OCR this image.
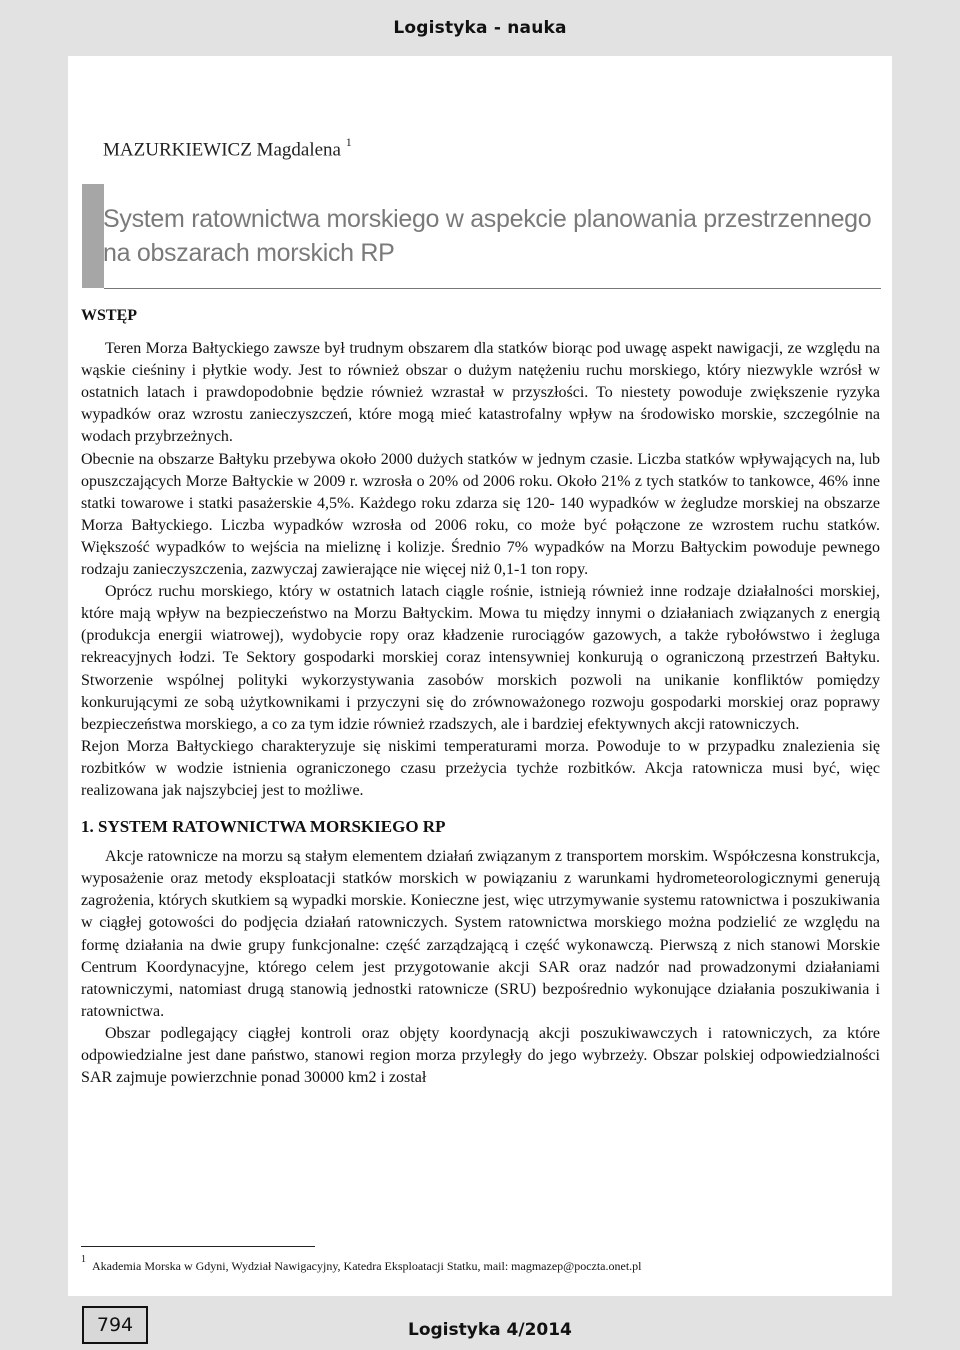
Logistyka - nauka
MAZURKIEWICZ Magdalena $^1$
System ratownictwa morskiego w aspekcie planowania przestrzennego
na obszarach morskich RP

WSTĘP

Teren Morza Bałtyckiego zawsze był trudnym obszarem dla statków biorąc pod uwagę aspekt nawigacji, ze względu na wąskie cieśniny i płytkie wody. Jest to również obszar o dużym natężeniu ruchu morskiego, który niezwykle wzrósł w ostatnich latach i prawdopodobnie będzie również wzrastał w przyszłości. To niestety powoduje zwiększenie ryzyka wypadków oraz wzrostu zanieczyszczeń, które mogą mieć katastrofalny wpływ na środowisko morskie, szczególnie na wodach przybrzeżnych.

Obecnie na obszarze Bałtyku przebywa około 2000 dużych statków w jednym czasie. Liczba statków wpływających na, lub opuszczających Morze Bałtyckie w 2009 r. wzrosła o 20% od 2006 roku. Około 21% z tych statków to tankowce, 46% inne statki towarowe i statki pasażerskie 4,5%. Każdego roku zdarza się 120- 140 wypadków w żegludze morskiej na obszarze Morza Bałtyckiego. Liczba wypadków wzrosła od 2006 roku, co może być połączone ze wzrostem ruchu statków. Większość wypadków to wejścia na mieliznę i kolizje. Średnio 7% wypadków na Morzu Bałtyckim powoduje pewnego rodzaju zanieczyszczenia, zazwyczaj zawierające nie więcej niż 0,1-1 ton ropy.

Oprócz ruchu morskiego, który w ostatnich latach ciągle rośnie, istnieją również inne rodzaje działalności morskiej, które mają wpływ na bezpieczeństwo na Morzu Bałtyckim. Mowa tu między innymi o działaniach związanych z energią (produkcja energii wiatrowej), wydobycie ropy oraz kładzenie rurociągów gazowych, a także rybołówstwo i żegluga rekreacyjnych łodzi. Te Sektory gospodarki morskiej coraz intensywniej konkurują o ograniczoną przestrzeń Bałtyku. Stworzenie wspólnej polityki wykorzystywania zasobów morskich pozwoli na unikanie konfliktów pomiędzy konkurującymi ze sobą użytkownikami i przyczyni się do zrównoważonego rozwoju gospodarki morskiej oraz poprawy bezpieczeństwa morskiego, a co za tym idzie również rzadszych, ale i bardziej efektywnych akcji ratowniczych.

Rejon Morza Bałtyckiego charakteryzuje się niskimi temperaturami morza. Powoduje to w przypadku znalezienia się rozbitków w wodzie istnienia ograniczonego czasu przeżycia tychże rozbitków. Akcja ratownicza musi być, więc realizowana jak najszybciej jest to możliwe.

1. SYSTEM RATOWNICTWA MORSKIEGO RP

Akcje ratownicze na morzu są stałym elementem działań związanym z transportem morskim. Współczesna konstrukcja, wyposażenie oraz metody eksploatacji statków morskich w powiązaniu z warunkami hydrometeorologicznymi generują zagrożenia, których skutkiem są wypadki morskie. Konieczne jest, więc utrzymywanie systemu ratownictwa i poszukiwania w ciągłej gotowości do podjęcia działań ratowniczych. System ratownictwa morskiego można podzielić ze względu na formę działania na dwie grupy funkcjonalne: część zarządzającą i część wykonawczą. Pierwszą z nich stanowi Morskie Centrum Koordynacyjne, którego celem jest przygotowanie akcji SAR oraz nadzór nad prowadzonymi działaniami ratowniczymi, natomiast drugą stanowią jednostki ratownicze (SRU) bezpośrednio wykonujące działania poszukiwania i ratownictwa.

Obszar podlegający ciągłej kontroli oraz objęty koordynacją akcji poszukiwawczych i ratowniczych, za które odpowiedzialne jest dane państwo, stanowi region morza przyległy do jego wybrzeży. Obszar polskiej odpowiedzialności SAR zajmuje powierzchnie ponad 30000 km2 i został

$^1$ Akademia Morska w Gdyni, Wydział Nawigacyjny, Katedra Eksploatacji Statku, mail: magmazep@poczta.onet.pl
794	Logistyka 4/2014
